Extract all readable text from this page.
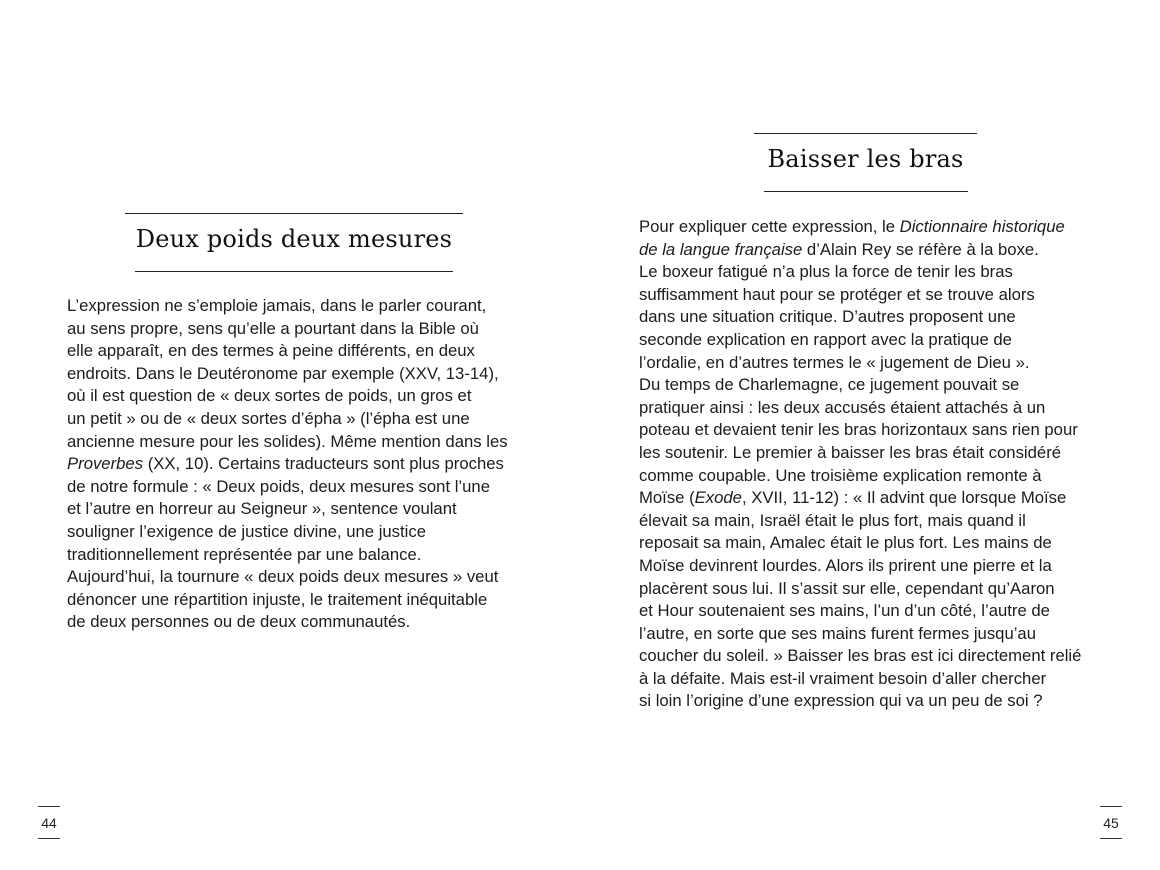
Deux poids deux mesures
L’expression ne s’emploie jamais, dans le parler courant,
au sens propre, sens qu’elle a pourtant dans la Bible où
elle apparaît, en des termes à peine différents, en deux
endroits. Dans le Deutéronome par exemple (XXV, 13-14),
où il est question de « deux sortes de poids, un gros et
un petit » ou de « deux sortes d’épha » (l’épha est une
ancienne mesure pour les solides). Même mention dans les
Proverbes (XX, 10). Certains traducteurs sont plus proches
de notre formule : « Deux poids, deux mesures sont l’une
et l’autre en horreur au Seigneur », sentence voulant
souligner l’exigence de justice divine, une justice
traditionnellement représentée par une balance.
Aujourd’hui, la tournure « deux poids deux mesures » veut
dénoncer une répartition injuste, le traitement inéquitable
de deux personnes ou de deux communautés.
44
Baisser les bras
Pour expliquer cette expression, le Dictionnaire historique
de la langue française d’Alain Rey se réfère à la boxe.
Le boxeur fatigué n’a plus la force de tenir les bras
suffisamment haut pour se protéger et se trouve alors
dans une situation critique. D’autres proposent une
seconde explication en rapport avec la pratique de
l’ordalie, en d’autres termes le « jugement de Dieu ».
Du temps de Charlemagne, ce jugement pouvait se
pratiquer ainsi : les deux accusés étaient attachés à un
poteau et devaient tenir les bras horizontaux sans rien pour
les soutenir. Le premier à baisser les bras était considéré
comme coupable. Une troisième explication remonte à
Moïse (Exode, XVII, 11-12) : « Il advint que lorsque Moïse
élevait sa main, Israël était le plus fort, mais quand il
reposait sa main, Amalec était le plus fort. Les mains de
Moïse devinrent lourdes. Alors ils prirent une pierre et la
placèrent sous lui. Il s’assit sur elle, cependant qu’Aaron
et Hour soutenaient ses mains, l’un d’un côté, l’autre de
l’autre, en sorte que ses mains furent fermes jusqu’au
coucher du soleil. » Baisser les bras est ici directement relié
à la défaite. Mais est-il vraiment besoin d’aller chercher
si loin l’origine d’une expression qui va un peu de soi ?
45
